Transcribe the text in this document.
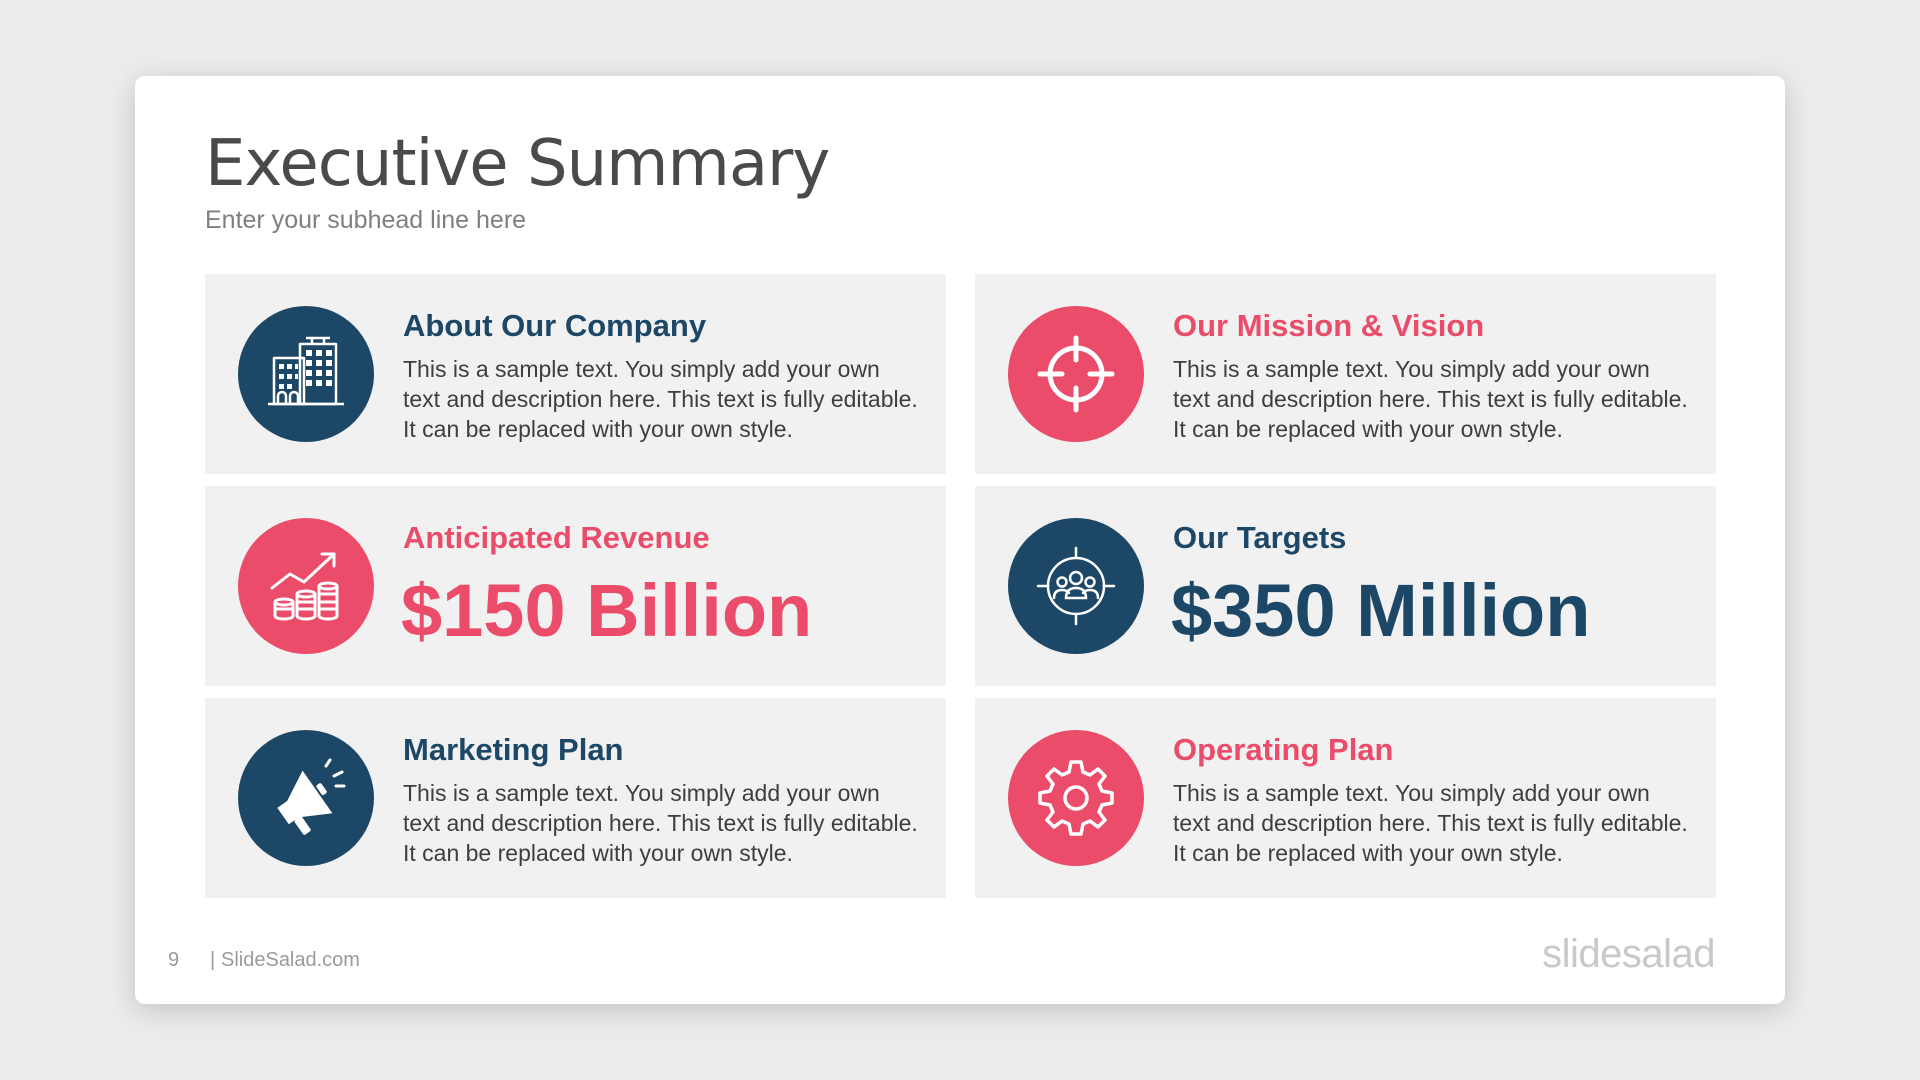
Executive Summary
Enter your subhead line here
About Our Company
This is a sample text. You simply add your own text and description here. This text is fully editable. It can be replaced with your own style.
Our Mission & Vision
This is a sample text. You simply add your own text and description here. This text is fully editable. It can be replaced with your own style.
Anticipated Revenue
$150 Billion
Our Targets
$350 Million
Marketing Plan
This is a sample text. You simply add your own text and description here. This text is fully editable. It can be replaced with your own style.
Operating Plan
This is a sample text. You simply add your own text and description here. This text is fully editable. It can be replaced with your own style.
9 | SlideSalad.com	slidesalad
